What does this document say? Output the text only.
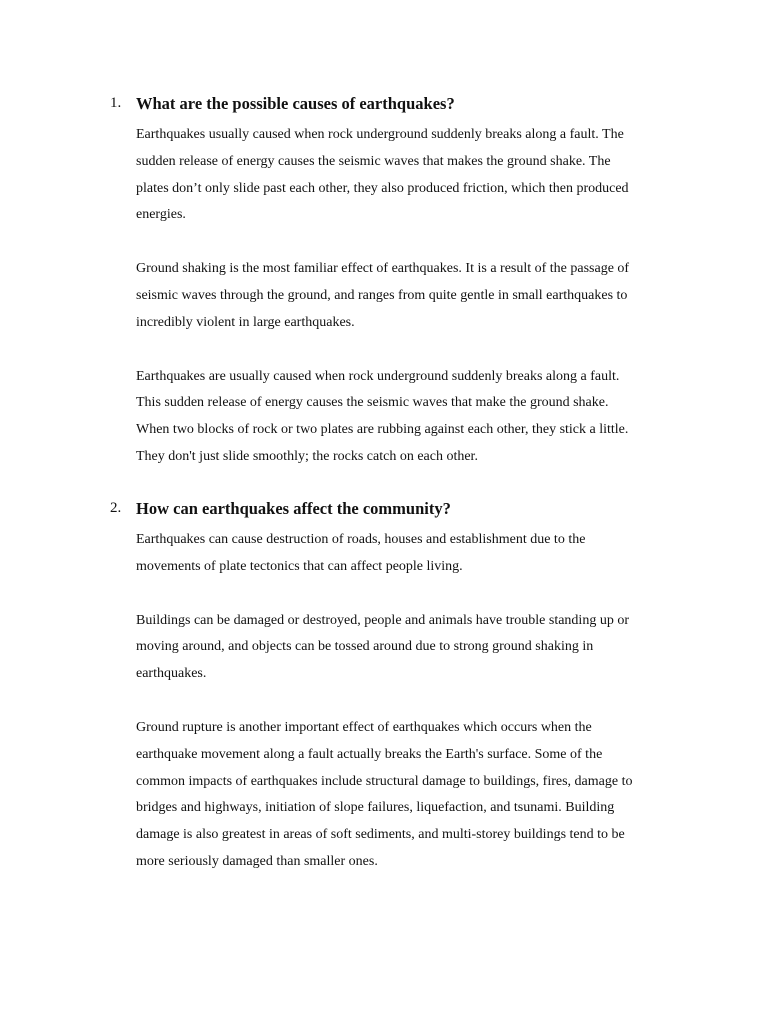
1. What are the possible causes of earthquakes?

Earthquakes usually caused when rock underground suddenly breaks along a fault. The
sudden release of energy causes the seismic waves that makes the ground shake. The
plates don’t only slide past each other, they also produced friction, which then produced
energies.

Ground shaking is the most familiar effect of earthquakes. It is a result of the passage of
seismic waves through the ground, and ranges from quite gentle in small earthquakes to
incredibly violent in large earthquakes.

Earthquakes are usually caused when rock underground suddenly breaks along a fault.
This sudden release of energy causes the seismic waves that make the ground shake.
When two blocks of rock or two plates are rubbing against each other, they stick a little.
They don't just slide smoothly; the rocks catch on each other.

2. How can earthquakes affect the community?

Earthquakes can cause destruction of roads, houses and establishment due to the
movements of plate tectonics that can affect people living.

Buildings can be damaged or destroyed, people and animals have trouble standing up or
moving around, and objects can be tossed around due to strong ground shaking in
earthquakes.

Ground rupture is another important effect of earthquakes which occurs when the
earthquake movement along a fault actually breaks the Earth's surface. Some of the
common impacts of earthquakes include structural damage to buildings, fires, damage to
bridges and highways, initiation of slope failures, liquefaction, and tsunami. Building
damage is also greatest in areas of soft sediments, and multi-storey buildings tend to be
more seriously damaged than smaller ones.
